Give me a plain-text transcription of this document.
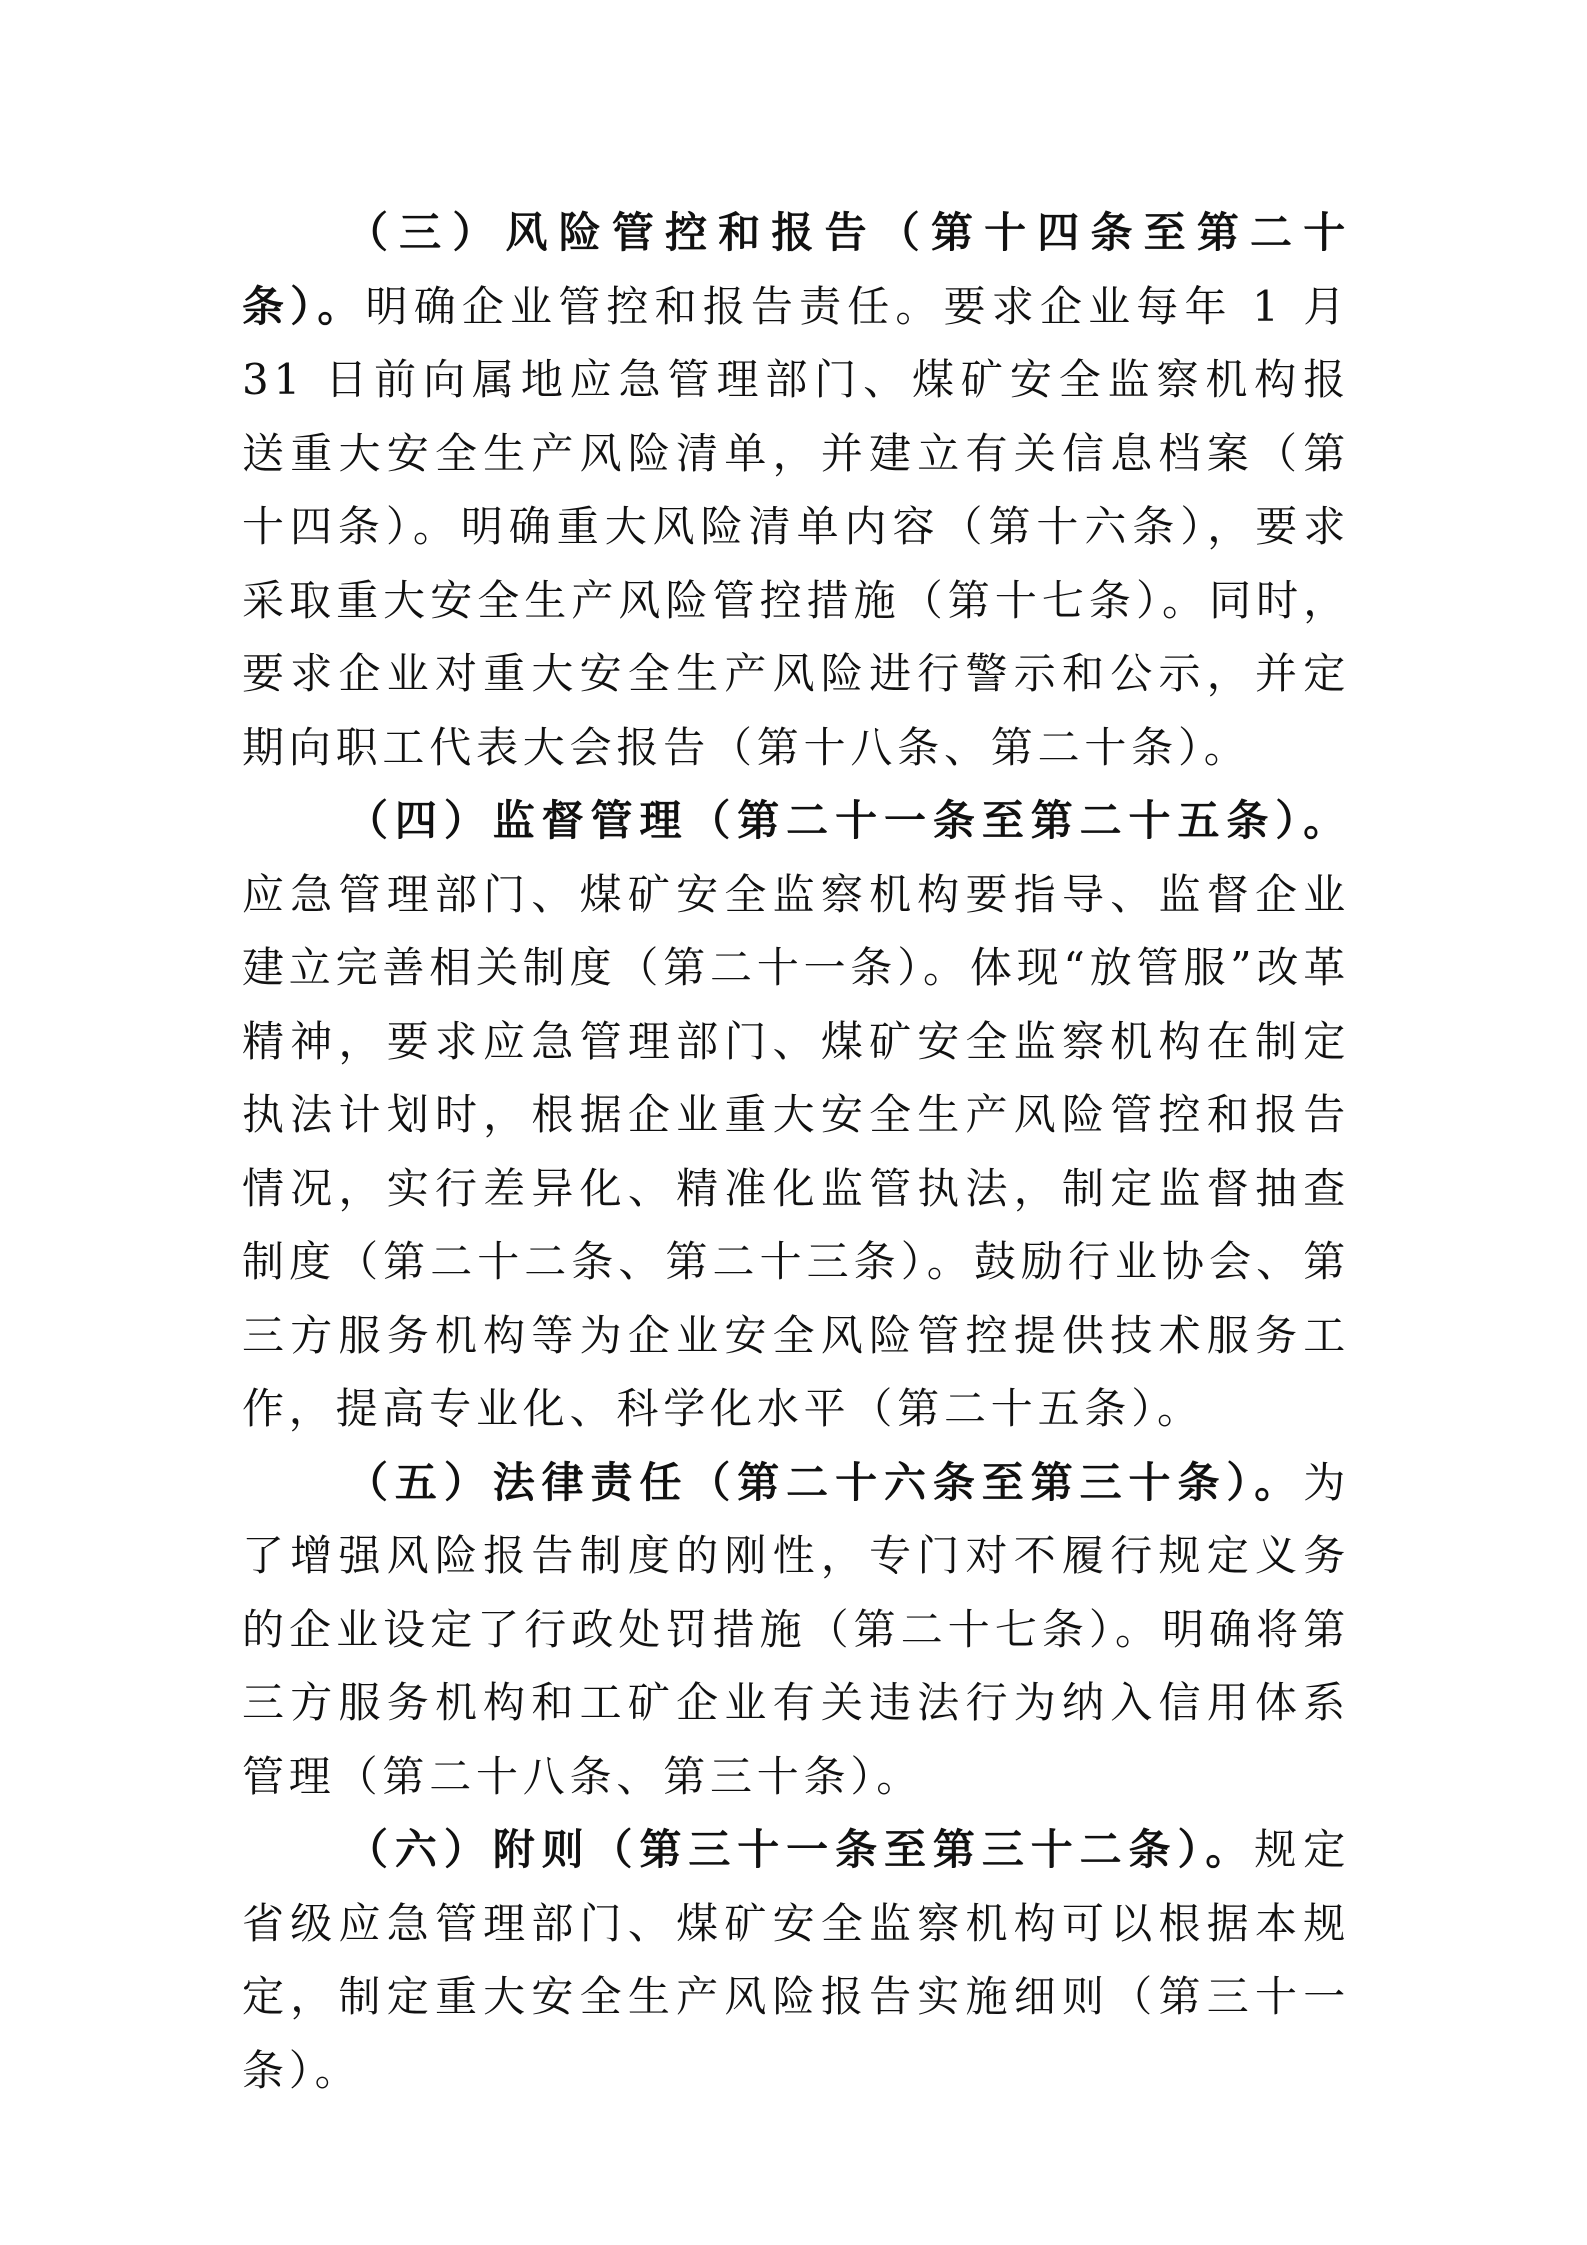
（三）风险管控和报告（第十四条至第二十条）。明确企业管控和报告责任。要求企业每年 1 月 31 日前向属地应急管理部门、煤矿安全监察机构报送重大安全生产风险清单，并建立有关信息档案（第十四条）。明确重大风险清单内容（第十六条），要求采取重大安全生产风险管控措施（第十七条）。同时，要求企业对重大安全生产风险进行警示和公示，并定期向职工代表大会报告（第十八条、第二十条）。

（四）监督管理（第二十一条至第二十五条）。应急管理部门、煤矿安全监察机构要指导、监督企业建立完善相关制度（第二十一条）。体现“放管服”改革精神，要求应急管理部门、煤矿安全监察机构在制定执法计划时，根据企业重大安全生产风险管控和报告情况，实行差异化、精准化监管执法，制定监督抽查制度（第二十二条、第二十三条）。鼓励行业协会、第三方服务机构等为企业安全风险管控提供技术服务工作，提高专业化、科学化水平（第二十五条）。

（五）法律责任（第二十六条至第三十条）。为了增强风险报告制度的刚性，专门对不履行规定义务的企业设定了行政处罚措施（第二十七条）。明确将第三方服务机构和工矿企业有关违法行为纳入信用体系管理（第二十八条、第三十条）。

（六）附则（第三十一条至第三十二条）。规定省级应急管理部门、煤矿安全监察机构可以根据本规定，制定重大安全生产风险报告实施细则（第三十一条）。
